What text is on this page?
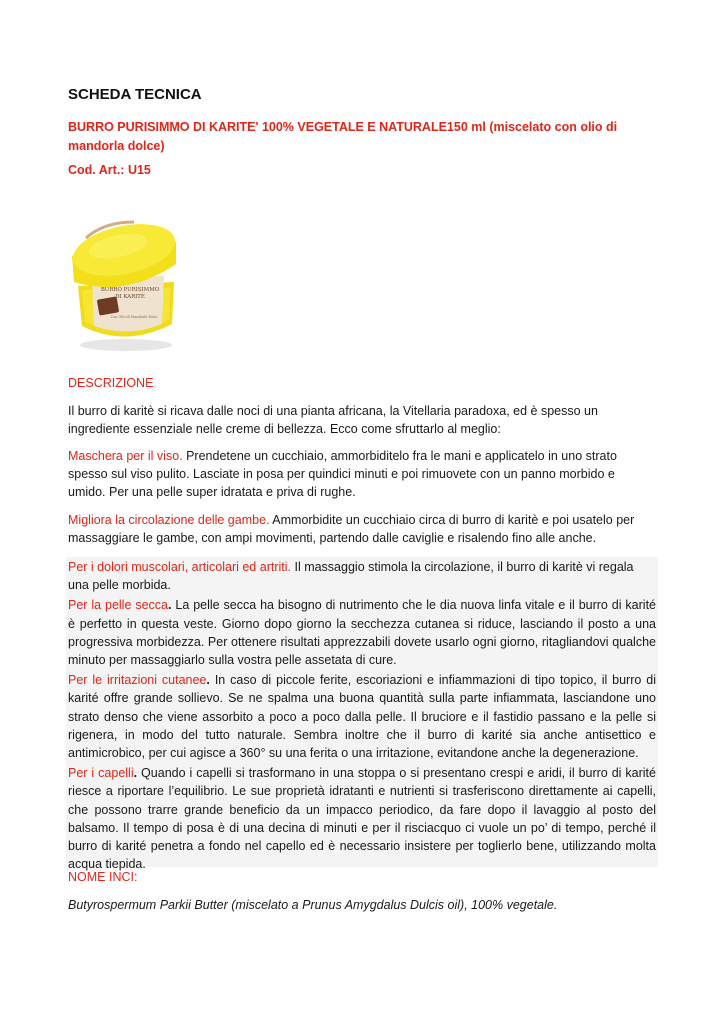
SCHEDA TECNICA

BURRO PURISIMMO DI KARITE' 100% VEGETALE E NATURALE150 ml (miscelato con olio di mandorla dolce)

Cod. Art.: U15

BURRO PURISIMMO
DI KARITÈ
Con Olio di Mandorle Dolci

DESCRIZIONE

Il burro di karitè si ricava dalle noci di una pianta africana, la Vitellaria paradoxa, ed è spesso un ingrediente essenziale nelle creme di bellezza. Ecco come sfruttarlo al meglio:

Maschera per il viso. Prendetene un cucchiaio, ammorbiditelo fra le mani e applicatelo in uno strato spesso sul viso pulito. Lasciate in posa per quindici minuti e poi rimuovete con un panno morbido e umido. Per una pelle super idratata e priva di rughe.

Migliora la circolazione delle gambe. Ammorbidite un cucchiaio circa di burro di karitè e poi usatelo per massaggiare le gambe, con ampi movimenti, partendo dalle caviglie e risalendo fino alle anche.

Per i dolori muscolari, articolari ed artriti. Il massaggio stimola la circolazione, il burro di karitè vi regala una pelle morbida.

Per la pelle secca. La pelle secca ha bisogno di nutrimento che le dia nuova linfa vitale e il burro di karité è perfetto in questa veste. Giorno dopo giorno la secchezza cutanea si riduce, lasciando il posto a una progressiva morbidezza. Per ottenere risultati apprezzabili dovete usarlo ogni giorno, ritagliandovi qualche minuto per massaggiarlo sulla vostra pelle assetata di cure.

Per le irritazioni cutanee. In caso di piccole ferite, escoriazioni e infiammazioni di tipo topico, il burro di karité offre grande sollievo. Se ne spalma una buona quantità sulla parte infiammata, lasciandone uno strato denso che viene assorbito a poco a poco dalla pelle. Il bruciore e il fastidio passano e la pelle si rigenera, in modo del tutto naturale. Sembra inoltre che il burro di karité sia anche antisettico e antimicrobico, per cui agisce a 360° su una ferita o una irritazione, evitandone anche la degenerazione.

Per i capelli. Quando i capelli si trasformano in una stoppa o si presentano crespi e aridi, il burro di karité riesce a riportare l’equilibrio. Le sue proprietà idratanti e nutrienti si trasferiscono direttamente ai capelli, che possono trarre grande beneficio da un impacco periodico, da fare dopo il lavaggio al posto del balsamo. Il tempo di posa è di una decina di minuti e per il risciacquo ci vuole un po’ di tempo, perché il burro di karité penetra a fondo nel capello ed è necessario insistere per toglierlo bene, utilizzando molta acqua tiepida.

NOME INCI:

Butyrospermum Parkii Butter (miscelato a Prunus Amygdalus Dulcis oil), 100% vegetale.
